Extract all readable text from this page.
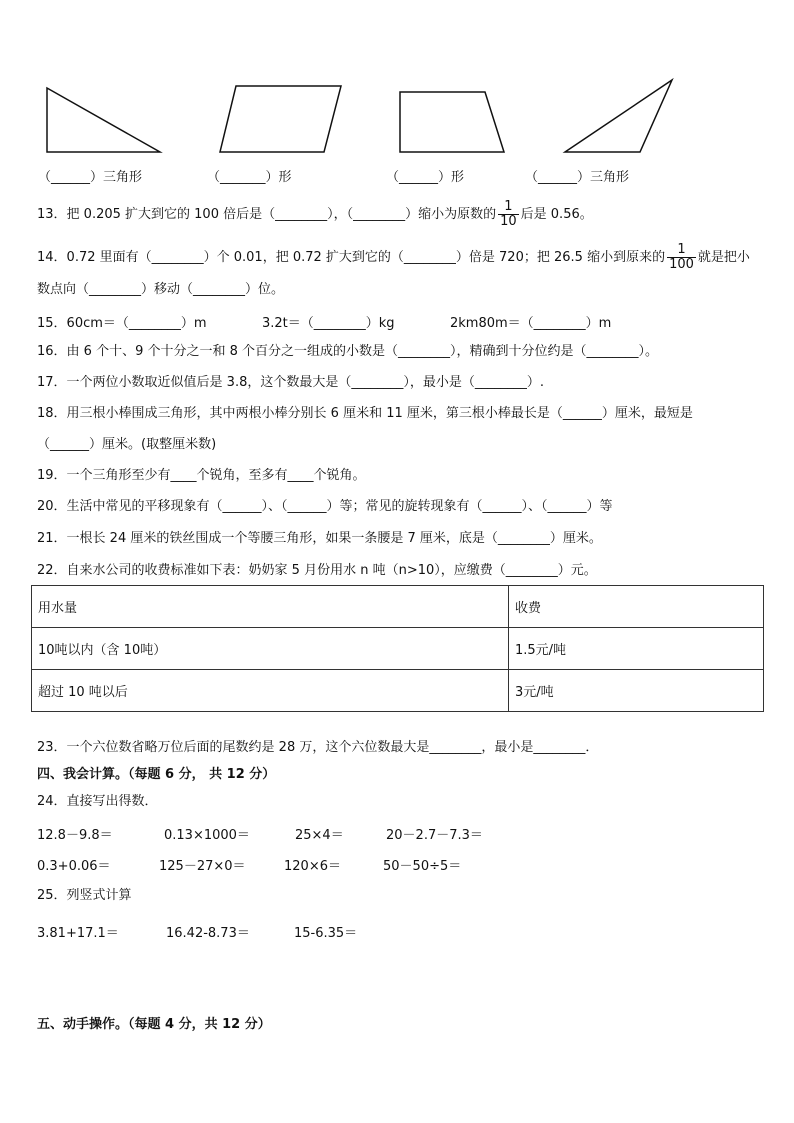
（______）三角形	（_______）形	（______）形	（______）三角形
13．把 0.205 扩大到它的 100 倍后是（________），（________）缩小为原数的 $\frac{1}{10}$ 后是 0.56。
14．0.72 里面有（________）个 0.01，把 0.72 扩大到它的（________）倍是 720；把 26.5 缩小到原来的 $\frac{1}{100}$ 就是把小
数点向（________）移动（________）位。
15．60cm＝（________）m	3.2t＝（________）kg	2km80m＝（________）m
16．由 6 个十、9 个十分之一和 8 个百分之一组成的小数是（________），精确到十分位约是（________）。
17．一个两位小数取近似值后是 3.8，这个数最大是（________），最小是（________）.
18．用三根小棒围成三角形，其中两根小棒分别长 6 厘米和 11 厘米，第三根小棒最长是（______）厘米，最短是
（______）厘米。(取整厘米数)
19．一个三角形至少有____个锐角，至多有____个锐角。
20．生活中常见的平移现象有（______）、（______）等；常见的旋转现象有（______）、（______）等
21．一根长 24 厘米的铁丝围成一个等腰三角形，如果一条腰是 7 厘米，底是（________）厘米。
22．自来水公司的收费标准如下表：奶奶家 5 月份用水 n 吨（n>10），应缴费（________）元。
用水量	收费
10吨以内（含 10吨）	1.5元/吨
超过 10 吨以后	3元/吨
23．一个六位数省略万位后面的尾数约是 28 万，这个六位数最大是________，最小是________．
四、我会计算。（每题 6 分， 共 12 分）
24．直接写出得数．
12.8－9.8＝	0.13×1000＝	25×4＝	20－2.7－7.3＝
0.3+0.06＝	125－27×0＝	120×6＝	50－50÷5＝
25．列竖式计算
3.81+17.1＝	16.42-8.73＝	15-6.35＝
五、动手操作。（每题 4 分，共 12 分）
